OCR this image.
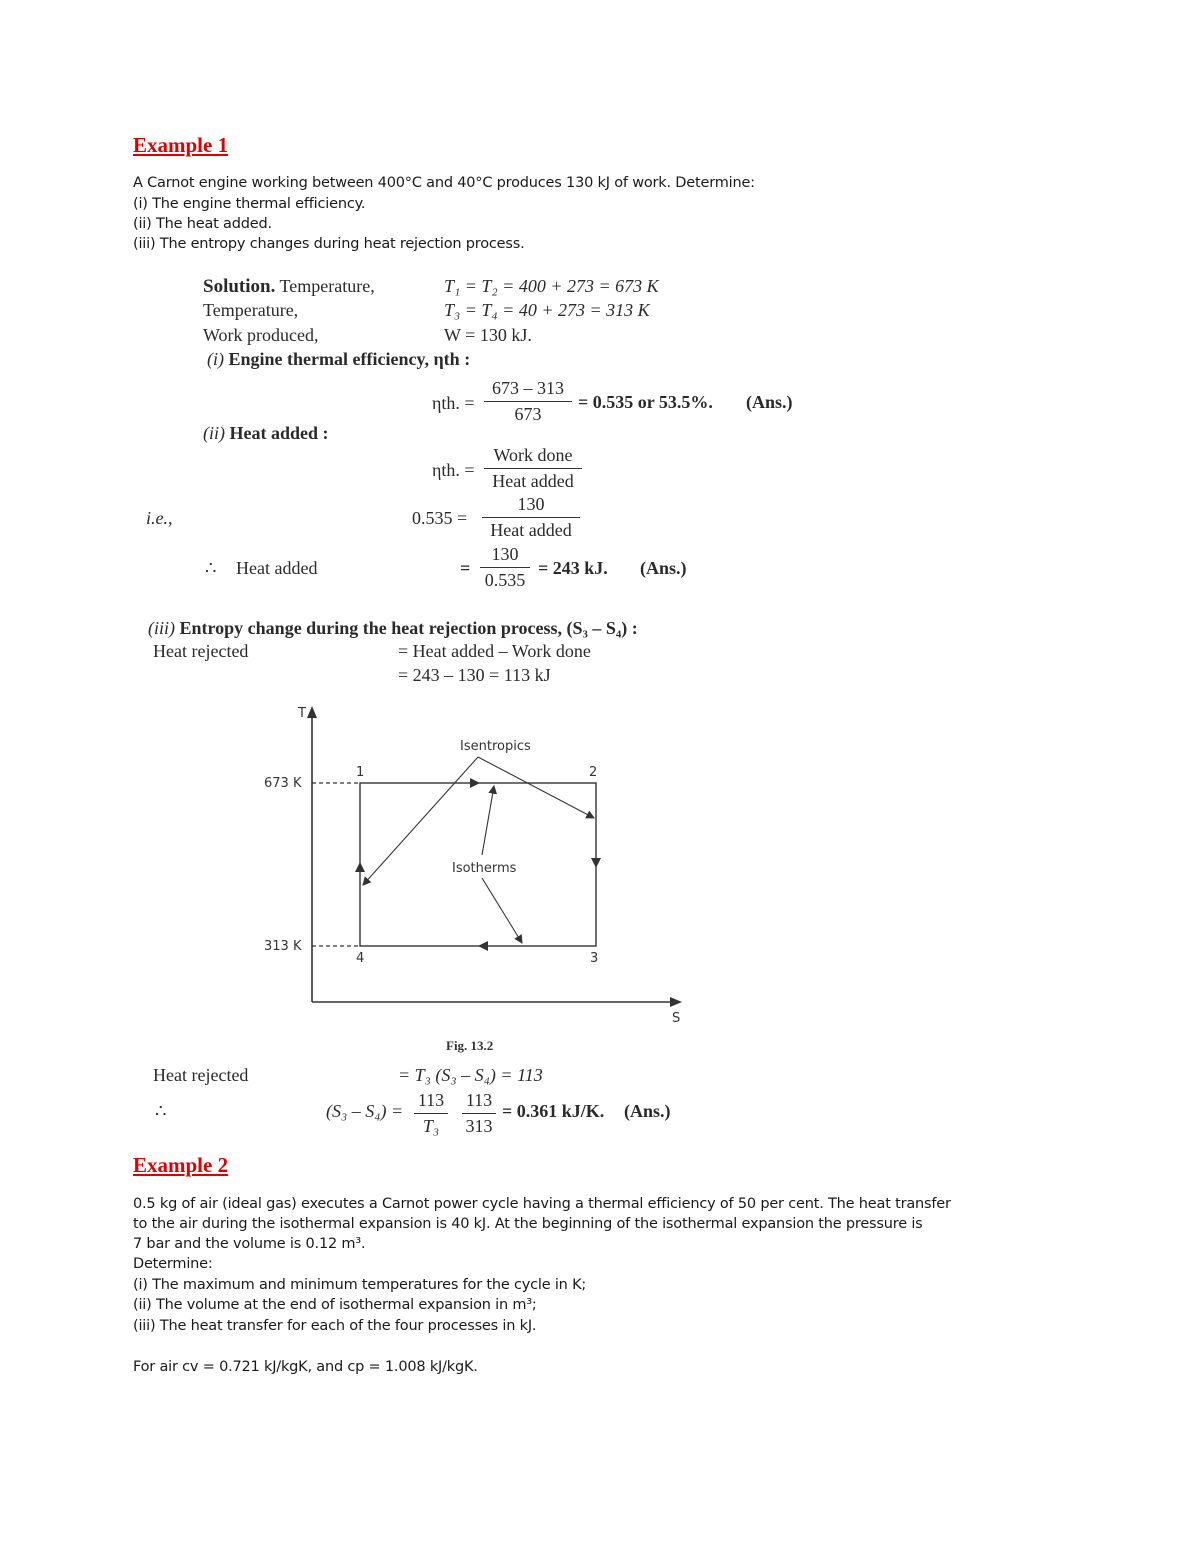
Example 1
A Carnot engine working between 400°C and 40°C produces 130 kJ of work. Determine:
(i) The engine thermal efficiency.
(ii) The heat added.
(iii) The entropy changes during heat rejection process.
Solution. Temperature,	T₁ = T₂ = 400 + 273 = 673 K
Temperature,	T₃ = T₄ = 40 + 273 = 313 K
Work produced,	W = 130 kJ.
(i) Engine thermal efficiency, ηth :
ηth. =
673 – 313
673
= 0.535 or 53.5%. (Ans.)
(ii) Heat added :
ηth. =
Work done
Heat added
i.e.,	0.535 =
130
Heat added
∴ Heat added	=
130
0.535
= 243 kJ. (Ans.)
(iii) Entropy change during the heat rejection process, (S₃ – S₄) :
Heat rejected	= Heat added – Work done
= 243 – 130 = 113 kJ
T
S
673 K
313 K
1	2
3
4
Isentropics
Isotherms
Fig. 13.2
Heat rejected	= T₃ (S₃ – S₄) = 113
∴	(S₃ – S₄) =
113
T₃
113
313
= 0.361 kJ/K. (Ans.)
Example 2
0.5 kg of air (ideal gas) executes a Carnot power cycle having a thermal efficiency of 50 per cent. The heat transfer
to the air during the isothermal expansion is 40 kJ. At the beginning of the isothermal expansion the pressure is
7 bar and the volume is 0.12 m³.
Determine:
(i) The maximum and minimum temperatures for the cycle in K;
(ii) The volume at the end of isothermal expansion in m³;
(iii) The heat transfer for each of the four processes in kJ.
For air cv = 0.721 kJ/kgK, and cp = 1.008 kJ/kgK.
